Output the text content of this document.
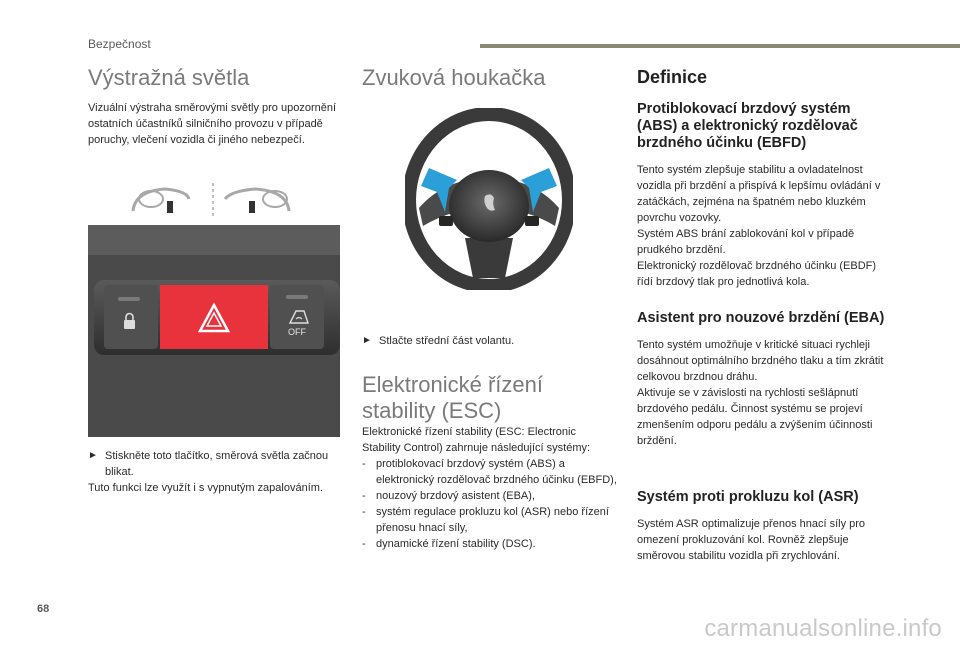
Bezpečnost
Výstražná světla

Vizuální výstraha směrovými světly pro upozornění ostatních účastníků silničního provozu v případě poruchy, vlečení vozidla či jiného nebezpečí.

OFF
► Stiskněte toto tlačítko, směrová světla začnou blikat.

Tuto funkci lze využít i s vypnutým zapalováním.

Zvuková houkačka
► Stlačte střední část volantu.
Elektronické řízení
stability (ESC)

Elektronické řízení stability (ESC: Electronic Stability Control) zahrnuje následující systémy:

- protiblokovací brzdový systém (ABS) a elektronický rozdělovač brzdného účinku (EBFD),
- nouzový brzdový asistent (EBA),
- systém regulace prokluzu kol (ASR) nebo řízení přenosu hnací síly,
- dynamické řízení stability (DSC).
Definice
Protiblokovací brzdový systém (ABS) a elektronický rozdělovač brzdného účinku (EBFD)

Tento systém zlepšuje stabilitu a ovladatelnost vozidla při brzdění a přispívá k lepšímu ovládání v zatáčkách, zejména na špatném nebo kluzkém povrchu vozovky.

Systém ABS brání zablokování kol v případě prudkého brzdění.

Elektronický rozdělovač brzdného účinku (EBDF) řídí brzdový tlak pro jednotlivá kola.

Asistent pro nouzové brzdění (EBA)

Tento systém umožňuje v kritické situaci rychleji dosáhnout optimálního brzdného tlaku a tím zkrátit celkovou brzdnou dráhu.

Aktivuje se v závislosti na rychlosti sešlápnutí brzdového pedálu. Činnost systému se projeví zmenšením odporu pedálu a zvýšením účinnosti brždění.

Systém proti prokluzu kol (ASR)

Systém ASR optimalizuje přenos hnací síly pro omezení prokluzování kol. Rovněž zlepšuje směrovou stabilitu vozidla při zrychlování.

68
carmanualsonline.info
